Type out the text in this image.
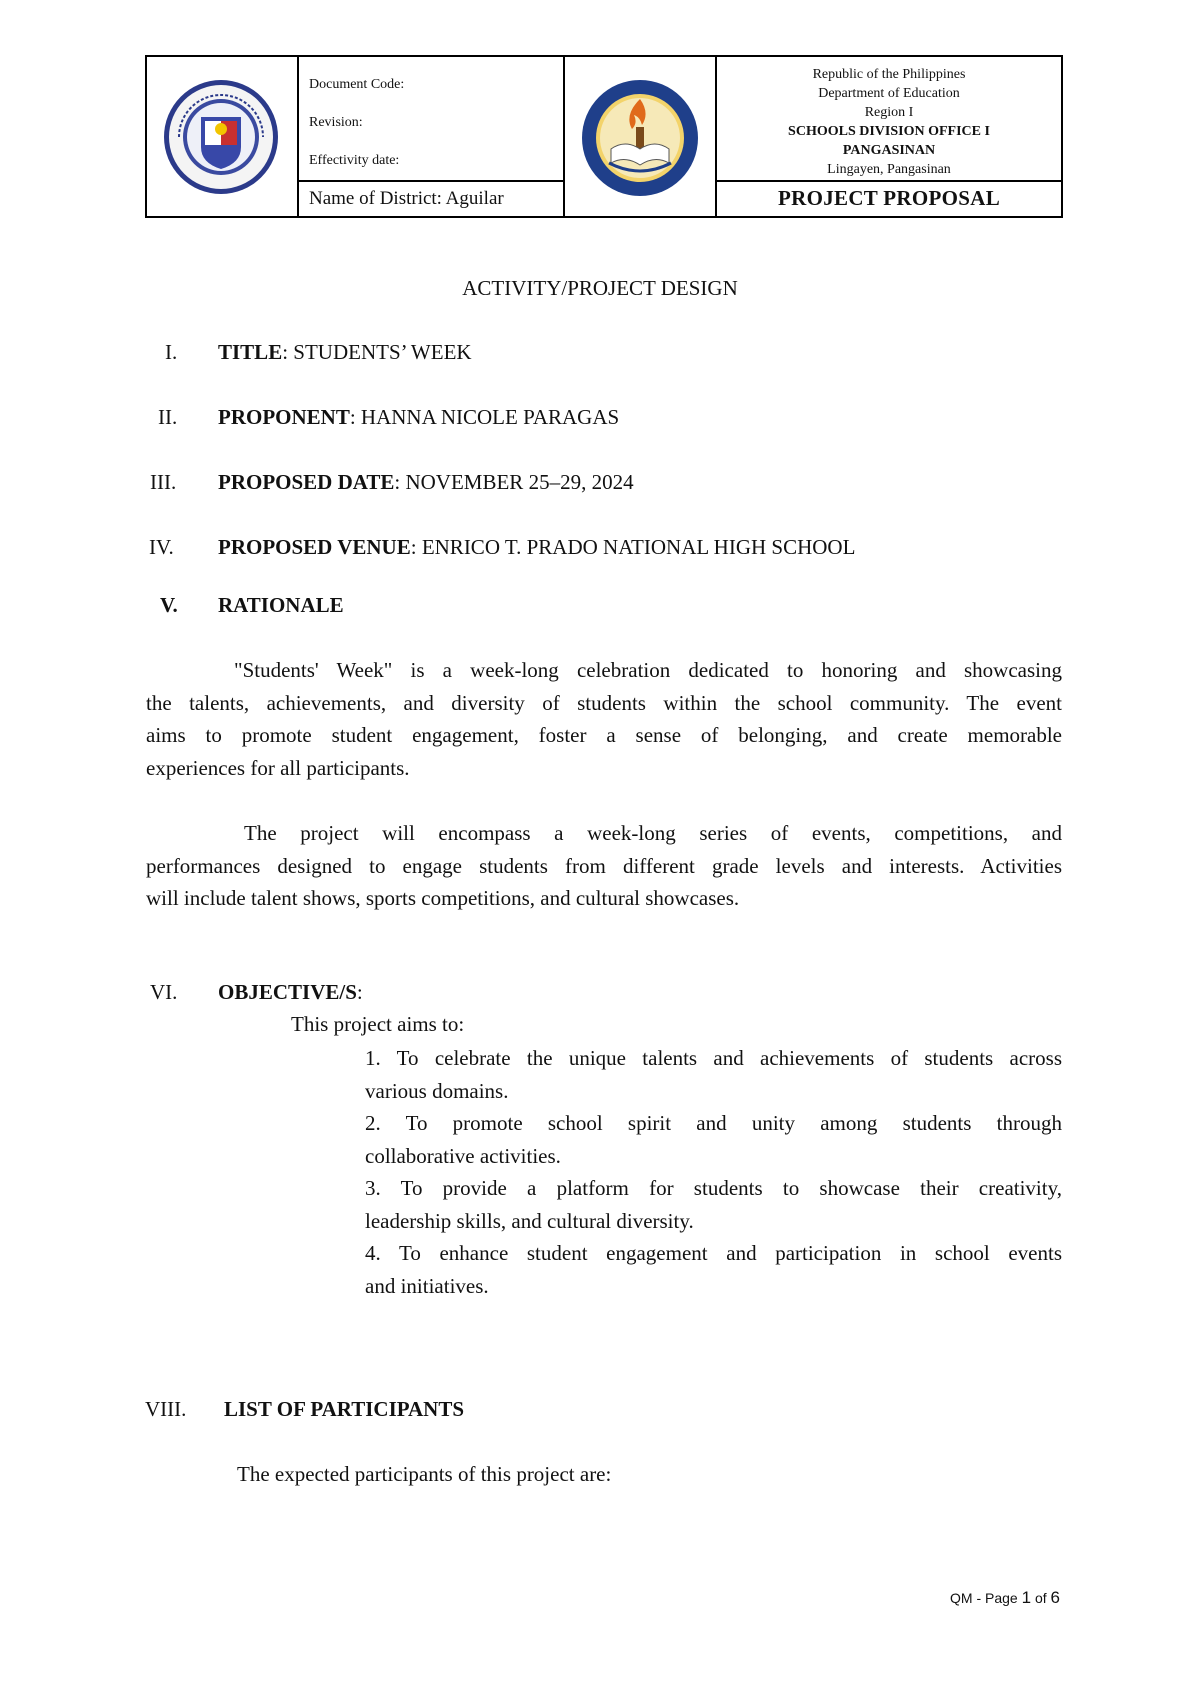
Document Code:
Revision:
Effectivity date:
Name of District: Aguilar
Republic of the Philippines
Department of Education
Region I
SCHOOLS DIVISION OFFICE I
PANGASINAN
Lingayen, Pangasinan
PROJECT PROPOSAL
ACTIVITY/PROJECT DESIGN
I. TITLE: STUDENTS’ WEEK
II. PROPONENT: HANNA NICOLE PARAGAS
III. PROPOSED DATE: NOVEMBER 25–29, 2024
IV. PROPOSED VENUE: ENRICO T. PRADO NATIONAL HIGH SCHOOL
V. RATIONALE
"Students' Week" is a week-long celebration dedicated to honoring and showcasing
the talents, achievements, and diversity of students within the school community. The event
aims to promote student engagement, foster a sense of belonging, and create memorable
experiences for all participants.
The project will encompass a week-long series of events, competitions, and
performances designed to engage students from different grade levels and interests. Activities
will include talent shows, sports competitions, and cultural showcases.
VI. OBJECTIVE/S:
This project aims to:
1. To celebrate the unique talents and achievements of students across
various domains.
2. To promote school spirit and unity among students through
collaborative activities.
3. To provide a platform for students to showcase their creativity,
leadership skills, and cultural diversity.
4. To enhance student engagement and participation in school events
and initiatives.
VIII. LIST OF PARTICIPANTS
The expected participants of this project are:
QM - Page 1 of 6
